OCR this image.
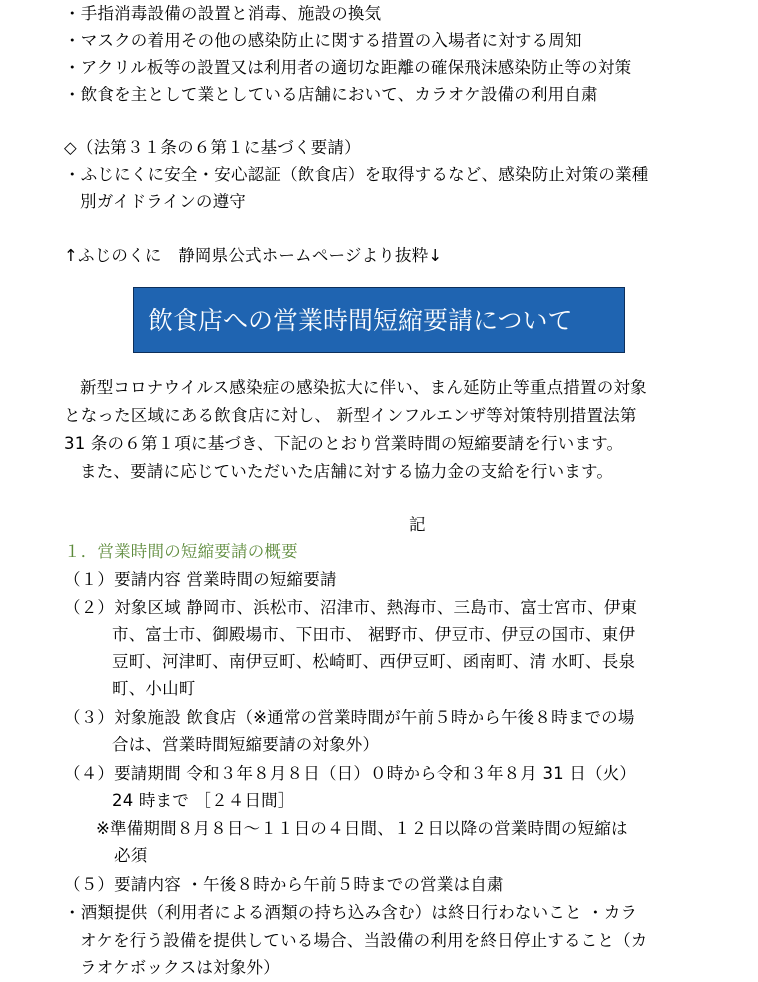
・手指消毒設備の設置と消毒、施設の換気
・マスクの着用その他の感染防止に関する措置の入場者に対する周知
・アクリル板等の設置又は利用者の適切な距離の確保飛沫感染防止等の対策
・飲食を主として業としている店舗において、カラオケ設備の利用自粛
◇（法第３１条の６第１に基づく要請）
・ふじにくに安全・安心認証（飲食店）を取得するなど、感染防止対策の業種
別ガイドラインの遵守
↑ふじのくに　静岡県公式ホームページより抜粋↓
飲食店への営業時間短縮要請について
新型コロナウイルス感染症の感染拡大に伴い、まん延防止等重点措置の対象
となった区域にある飲食店に対し、 新型インフルエンザ等対策特別措置法第
31 条の６第１項に基づき、下記のとおり営業時間の短縮要請を行います。
また、要請に応じていただいた店舗に対する協力金の支給を行います。
記
１．営業時間の短縮要請の概要
（１）要請内容 営業時間の短縮要請
（２）対象区域 静岡市、浜松市、沼津市、熱海市、三島市、富士宮市、伊東
市、富士市、御殿場市、下田市、 裾野市、伊豆市、伊豆の国市、東伊
豆町、河津町、南伊豆町、松崎町、西伊豆町、函南町、清 水町、長泉
町、小山町
（３）対象施設 飲食店（※通常の営業時間が午前５時から午後８時までの場
合は、営業時間短縮要請の対象外）
（４）要請期間 令和３年８月８日（日）０時から令和３年８月 31 日（火）
24 時まで ［２４日間］
※準備期間８月８日～１１日の４日間、１２日以降の営業時間の短縮は
必須
（５）要請内容 ・午後８時から午前５時までの営業は自粛
・酒類提供（利用者による酒類の持ち込み含む）は終日行わないこと ・カラ
オケを行う設備を提供している場合、当設備の利用を終日停止すること（カ
ラオケボックスは対象外）
